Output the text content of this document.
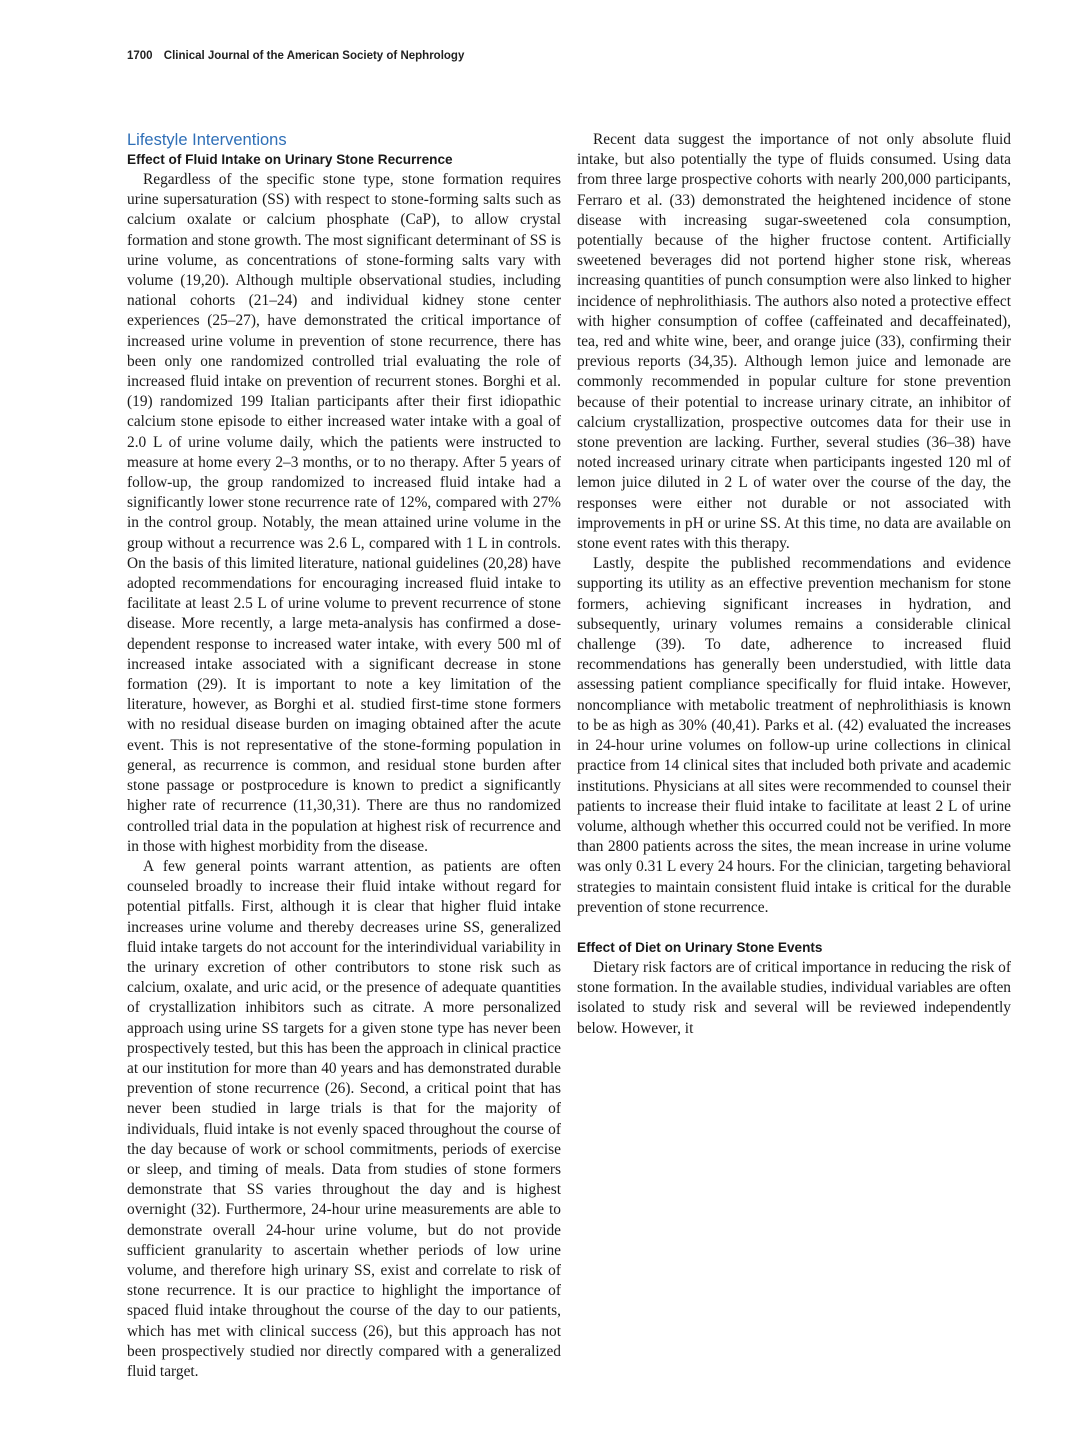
1700 Clinical Journal of the American Society of Nephrology
Lifestyle Interventions
Effect of Fluid Intake on Urinary Stone Recurrence

Regardless of the specific stone type, stone formation requires urine supersaturation (SS) with respect to stone-forming salts such as calcium oxalate or calcium phosphate (CaP), to allow crystal formation and stone growth. The most significant determinant of SS is urine volume, as concentrations of stone-forming salts vary with volume (19,20). Although multiple observational studies, including national cohorts (21–24) and individual kidney stone center experiences (25–27), have demonstrated the critical importance of increased urine volume in prevention of stone recurrence, there has been only one randomized controlled trial evaluating the role of increased fluid intake on prevention of recurrent stones. Borghi et al. (19) randomized 199 Italian participants after their first idiopathic calcium stone episode to either increased water intake with a goal of 2.0 L of urine volume daily, which the patients were instructed to measure at home every 2–3 months, or to no therapy. After 5 years of follow-up, the group randomized to increased fluid intake had a significantly lower stone recurrence rate of 12%, compared with 27% in the control group. Notably, the mean attained urine volume in the group without a recurrence was 2.6 L, compared with 1 L in controls. On the basis of this limited literature, national guidelines (20,28) have adopted recommendations for encouraging increased fluid intake to facilitate at least 2.5 L of urine volume to prevent recurrence of stone disease. More recently, a large meta-analysis has confirmed a dose-dependent response to increased water intake, with every 500 ml of increased intake associated with a significant decrease in stone formation (29). It is important to note a key limitation of the literature, however, as Borghi et al. studied first-time stone formers with no residual disease burden on imaging obtained after the acute event. This is not representative of the stone-forming population in general, as recurrence is common, and residual stone burden after stone passage or postprocedure is known to predict a significantly higher rate of recurrence (11,30,31). There are thus no randomized controlled trial data in the population at highest risk of recurrence and in those with highest morbidity from the disease.

A few general points warrant attention, as patients are often counseled broadly to increase their fluid intake without regard for potential pitfalls. First, although it is clear that higher fluid intake increases urine volume and thereby decreases urine SS, generalized fluid intake targets do not account for the interindividual variability in the urinary excretion of other contributors to stone risk such as calcium, oxalate, and uric acid, or the presence of adequate quantities of crystallization inhibitors such as citrate. A more personalized approach using urine SS targets for a given stone type has never been prospectively tested, but this has been the approach in clinical practice at our institution for more than 40 years and has demonstrated durable prevention of stone recurrence (26). Second, a critical point that has never been studied in large trials is that for the majority of individuals, fluid intake is not evenly spaced throughout the course of the day because of work or school commitments, periods of exercise or sleep, and timing of meals. Data from studies of stone formers demonstrate that SS varies throughout the day and is highest overnight (32). Furthermore, 24-hour urine measurements are able to demonstrate overall 24-hour urine volume, but do not provide sufficient granularity to ascertain whether periods of low urine volume, and therefore high urinary SS, exist and correlate to risk of stone recurrence. It is our practice to highlight the importance of spaced fluid intake throughout the course of the day to our patients, which has met with clinical success (26), but this approach has not been prospectively studied nor directly compared with a generalized fluid target.

Recent data suggest the importance of not only absolute fluid intake, but also potentially the type of fluids consumed. Using data from three large prospective cohorts with nearly 200,000 participants, Ferraro et al. (33) demonstrated the heightened incidence of stone disease with increasing sugar-sweetened cola consumption, potentially because of the higher fructose content. Artificially sweetened beverages did not portend higher stone risk, whereas increasing quantities of punch consumption were also linked to higher incidence of nephrolithiasis. The authors also noted a protective effect with higher consumption of coffee (caffeinated and decaffeinated), tea, red and white wine, beer, and orange juice (33), confirming their previous reports (34,35). Although lemon juice and lemonade are commonly recommended in popular culture for stone prevention because of their potential to increase urinary citrate, an inhibitor of calcium crystallization, prospective outcomes data for their use in stone prevention are lacking. Further, several studies (36–38) have noted increased urinary citrate when participants ingested 120 ml of lemon juice diluted in 2 L of water over the course of the day, the responses were either not durable or not associated with improvements in pH or urine SS. At this time, no data are available on stone event rates with this therapy.

Lastly, despite the published recommendations and evidence supporting its utility as an effective prevention mechanism for stone formers, achieving significant increases in hydration, and subsequently, urinary volumes remains a considerable clinical challenge (39). To date, adherence to increased fluid recommendations has generally been understudied, with little data assessing patient compliance specifically for fluid intake. However, noncompliance with metabolic treatment of nephrolithiasis is known to be as high as 30% (40,41). Parks et al. (42) evaluated the increases in 24-hour urine volumes on follow-up urine collections in clinical practice from 14 clinical sites that included both private and academic institutions. Physicians at all sites were recommended to counsel their patients to increase their fluid intake to facilitate at least 2 L of urine volume, although whether this occurred could not be verified. In more than 2800 patients across the sites, the mean increase in urine volume was only 0.31 L every 24 hours. For the clinician, targeting behavioral strategies to maintain consistent fluid intake is critical for the durable prevention of stone recurrence.

Effect of Diet on Urinary Stone Events

Dietary risk factors are of critical importance in reducing the risk of stone formation. In the available studies, individual variables are often isolated to study risk and several will be reviewed independently below. However, it
